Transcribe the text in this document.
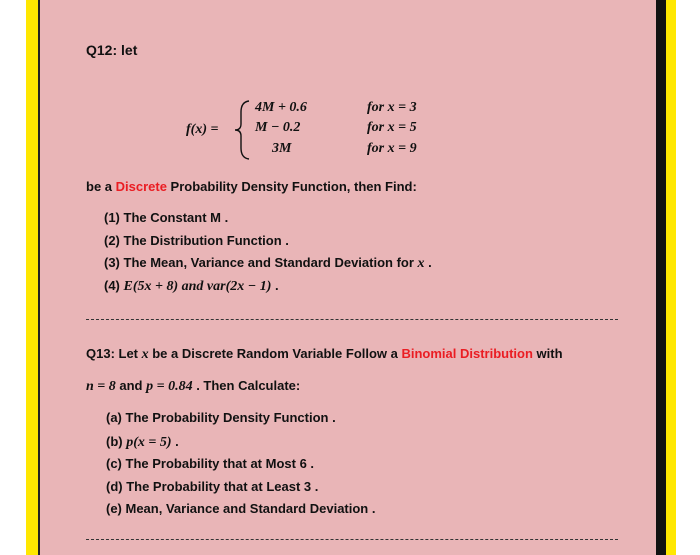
Q12: let
f(x) =
4M + 0.6
M − 0.2
3M
for x = 3
for x = 5
for x = 9
be a Discrete Probability Density Function, then Find:
(1) The Constant M .
(2) The Distribution Function .
(3) The Mean, Variance and Standard Deviation for x .
(4) E(5x + 8) and var(2x − 1) .
Q13: Let x be a Discrete Random Variable Follow a Binomial Distribution with
n = 8 and p = 0.84 . Then Calculate:
(a) The Probability Density Function .
(b) p(x = 5) .
(c) The Probability that at Most 6 .
(d) The Probability that at Least 3 .
(e) Mean, Variance and Standard Deviation .
